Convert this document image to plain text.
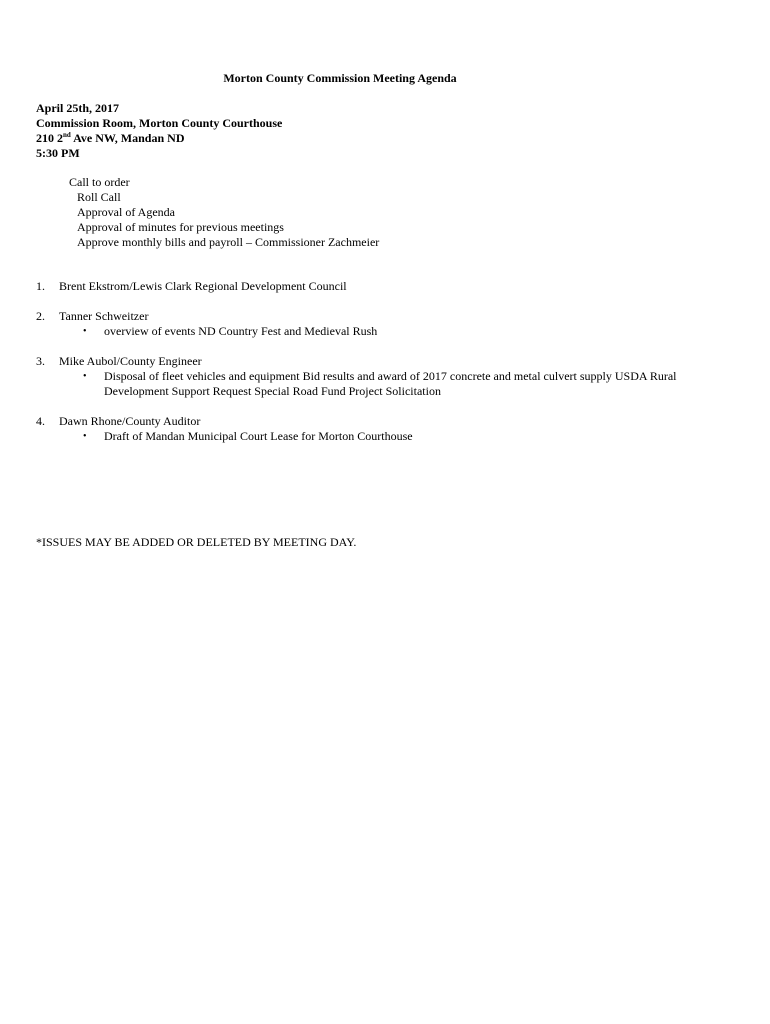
Morton County Commission Meeting Agenda
April 25th, 2017
Commission Room, Morton County Courthouse
210 2nd Ave NW, Mandan ND
5:30 PM
Call to order
Roll Call
Approval of Agenda
Approval of minutes for previous meetings
Approve monthly bills and payroll – Commissioner Zachmeier
1.	Brent Ekstrom/Lewis Clark Regional Development Council
2.	Tanner Schweitzer
• overview of events ND Country Fest and Medieval Rush
3.	Mike Aubol/County Engineer
• Disposal of fleet vehicles and equipment Bid results and award of 2017 concrete and metal culvert supply USDA Rural Development Support Request Special Road Fund Project Solicitation
4.	Dawn Rhone/County Auditor
• Draft of Mandan Municipal Court Lease for Morton Courthouse
*ISSUES MAY BE ADDED OR DELETED BY MEETING DAY.
